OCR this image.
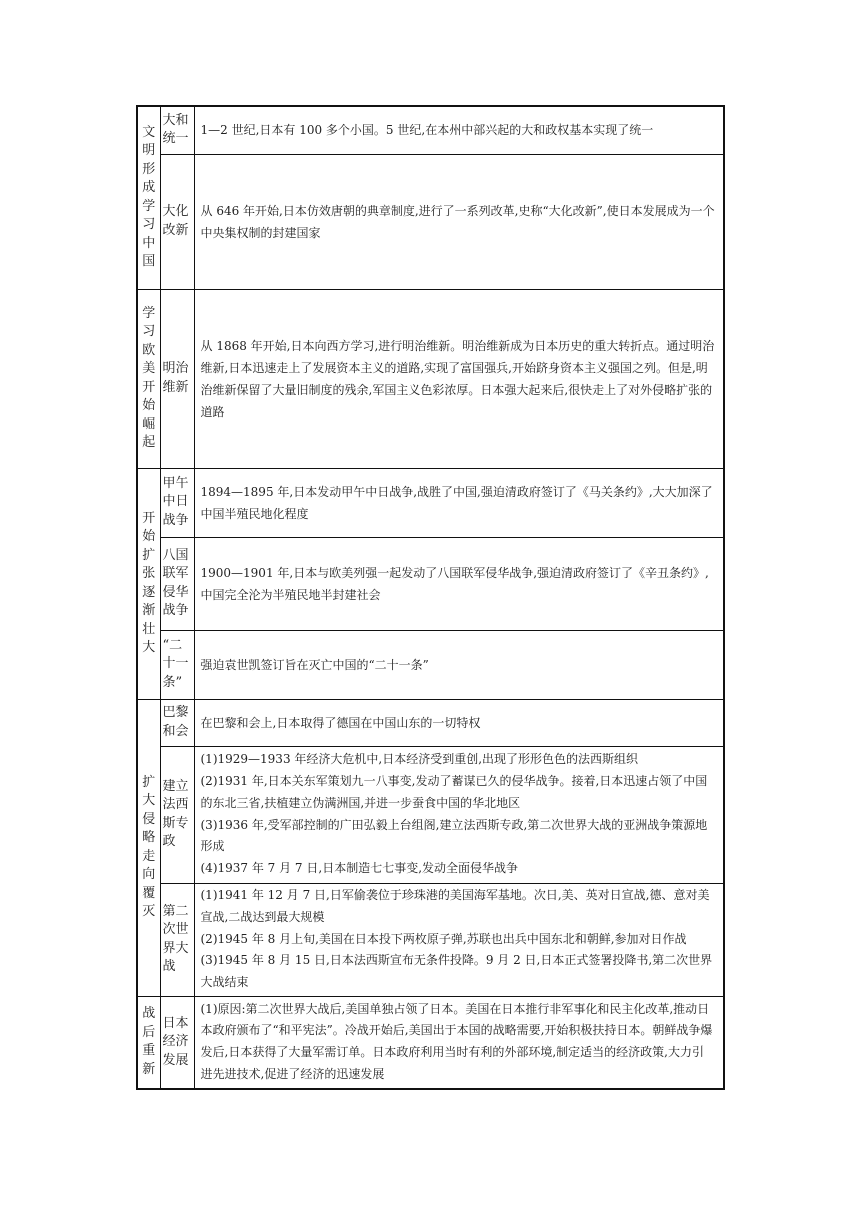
文明形成学习中国	大和统一	1—2 世纪,日本有 100 多个小国。5 世纪,在本州中部兴起的大和政权基本实现了统一

	大化改新	从 646 年开始,日本仿效唐朝的典章制度,进行了一系列改革,史称“大化改新”,使日本发展成为一个中央集权制的封建国家

学习欧美开始崛起	明治维新	从 1868 年开始,日本向西方学习,进行明治维新。明治维新成为日本历史的重大转折点。通过明治维新,日本迅速走上了发展资本主义的道路,实现了富国强兵,开始跻身资本主义强国之列。但是,明治维新保留了大量旧制度的残余,军国主义色彩浓厚。日本强大起来后,很快走上了对外侵略扩张的道路

开始扩张逐渐壮大	甲午中日战争	1894—1895 年,日本发动甲午中日战争,战胜了中国,强迫清政府签订了《马关条约》,大大加深了中国半殖民地化程度

	八国联军侵华战争	1900—1901 年,日本与欧美列强一起发动了八国联军侵华战争,强迫清政府签订了《辛丑条约》,中国完全沦为半殖民地半封建社会

	“二十一条”	强迫袁世凯签订旨在灭亡中国的“二十一条”

扩大侵略走向覆灭	巴黎和会	在巴黎和会上,日本取得了德国在中国山东的一切特权

	建立法西斯专政	(1)1929—1933 年经济大危机中,日本经济受到重创,出现了形形色色的法西斯组织
(2)1931 年,日本关东军策划九一八事变,发动了蓄谋已久的侵华战争。接着,日本迅速占领了中国的东北三省,扶植建立伪满洲国,并进一步蚕食中国的华北地区
(3)1936 年,受军部控制的广田弘毅上台组阁,建立法西斯专政,第二次世界大战的亚洲战争策源地形成
(4)1937 年 7 月 7 日,日本制造七七事变,发动全面侵华战争

	第二次世界大战	(1)1941 年 12 月 7 日,日军偷袭位于珍珠港的美国海军基地。次日,美、英对日宣战,德、意对美宣战,二战达到最大规模
(2)1945 年 8 月上旬,美国在日本投下两枚原子弹,苏联也出兵中国东北和朝鲜,参加对日作战
(3)1945 年 8 月 15 日,日本法西斯宣布无条件投降。9 月 2 日,日本正式签署投降书,第二次世界大战结束

战后重新	日本经济发展	(1)原因:第二次世界大战后,美国单独占领了日本。美国在日本推行非军事化和民主化改革,推动日本政府颁布了“和平宪法”。冷战开始后,美国出于本国的战略需要,开始积极扶持日本。朝鲜战争爆发后,日本获得了大量军需订单。日本政府利用当时有利的外部环境,制定适当的经济政策,大力引进先进技术,促进了经济的迅速发展
